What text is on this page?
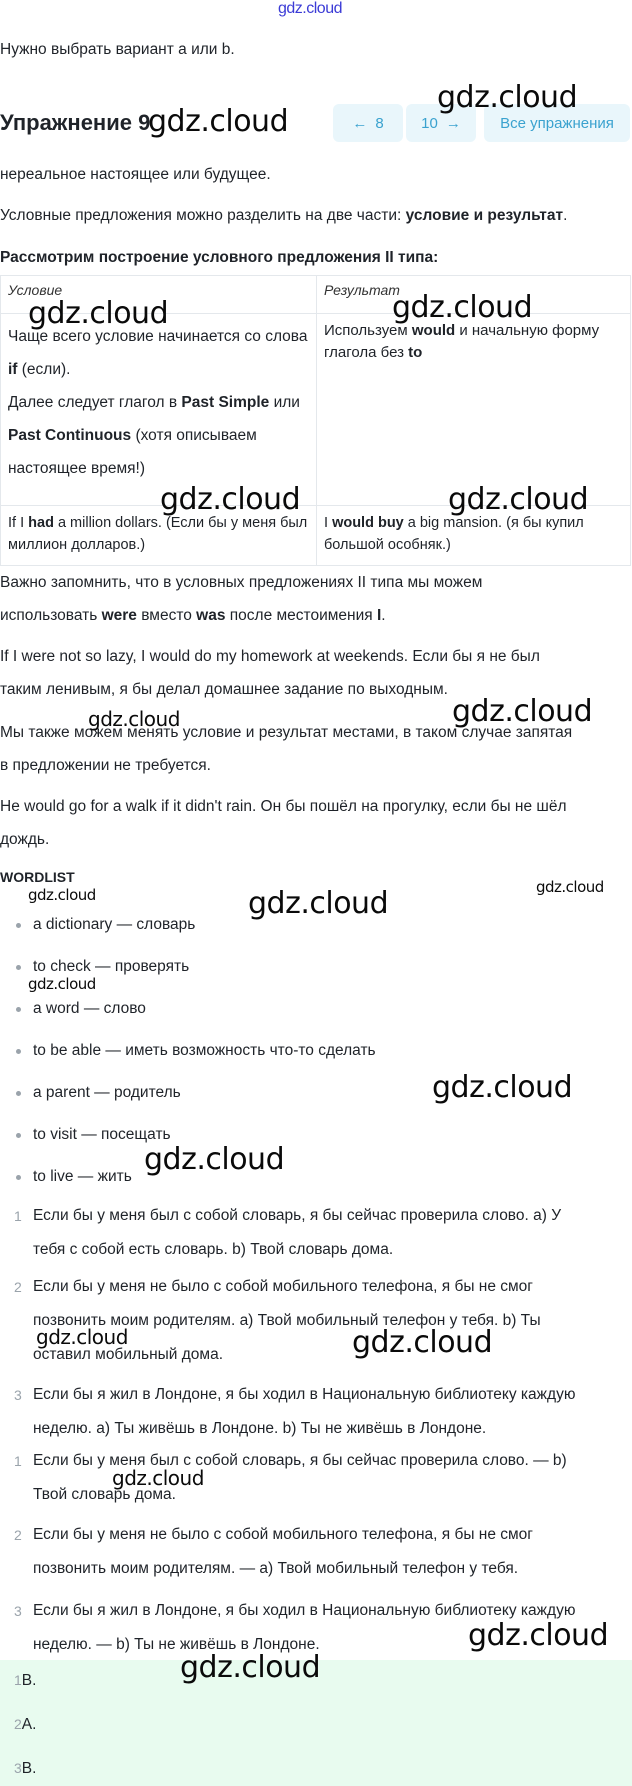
gdz.cloud
Нужно выбрать вариант a или b.
Упражнение 9	← 8 10 →	Все упражнения
нереальное настоящее или будущее.
Условные предложения можно разделить на две части: условие и результат.
Рассмотрим построение условного предложения II типа:
Условие	Результат

Чаще всего условие начинается со слова if (если).
Далее следует глагол в Past Simple или Past Continuous (хотя описываем настоящее время!)	Используем would и начальную форму глагола без to
If I had a million dollars. (Если бы у меня был миллион долларов.)	I would buy a big mansion. (я бы купил большой особняк.)
Важно запомнить, что в условных предложениях II типа мы можем
использовать were вместо was после местоимения I.
If I were not so lazy, I would do my homework at weekends. Если бы я не был
таким ленивым, я бы делал домашнее задание по выходным.
Мы также можем менять условие и результат местами, в таком случае запятая
в предложении не требуется.
He would go for a walk if it didn't rain. Он бы пошёл на прогулку, если бы не шёл
дождь.
WORDLIST
a dictionary — словарь
to check — проверять
a word — слово
to be able — иметь возможность что-то сделать
a parent — родитель
to visit — посещать
to live — жить
1 Если бы у меня был с собой словарь, я бы сейчас проверила слово. a) У
тебя с собой есть словарь. b) Твой словарь дома.
2 Если бы у меня не было с собой мобильного телефона, я бы не смог
позвонить моим родителям. a) Твой мобильный телефон у тебя. b) Ты
оставил мобильный дома.
3 Если бы я жил в Лондоне, я бы ходил в Национальную библиотеку каждую
неделю. a) Ты живёшь в Лондоне. b) Ты не живёшь в Лондоне.
1 Если бы у меня был с собой словарь, я бы сейчас проверила слово. — b)
Твой словарь дома.
2 Если бы у меня не было с собой мобильного телефона, я бы не смог
позвонить моим родителям. — a) Твой мобильный телефон у тебя.
3 Если бы я жил в Лондоне, я бы ходил в Национальную библиотеку каждую
неделю. — b) Ты не живёшь в Лондоне.
1B.
2A.
3B.
gdz.cloud
gdz.cloud
gdz.cloud	gdz.cloud
gdz.cloud	gdz.cloud
gdz.cloud	gdz.cloud
gdz.cloud	gdz.cloud	gdz.cloud
gdz.cloud
gdz.cloud
gdz.cloud
gdz.cloud	gdz.cloud
gdz.cloud
gdz.cloud
gdz.cloud
